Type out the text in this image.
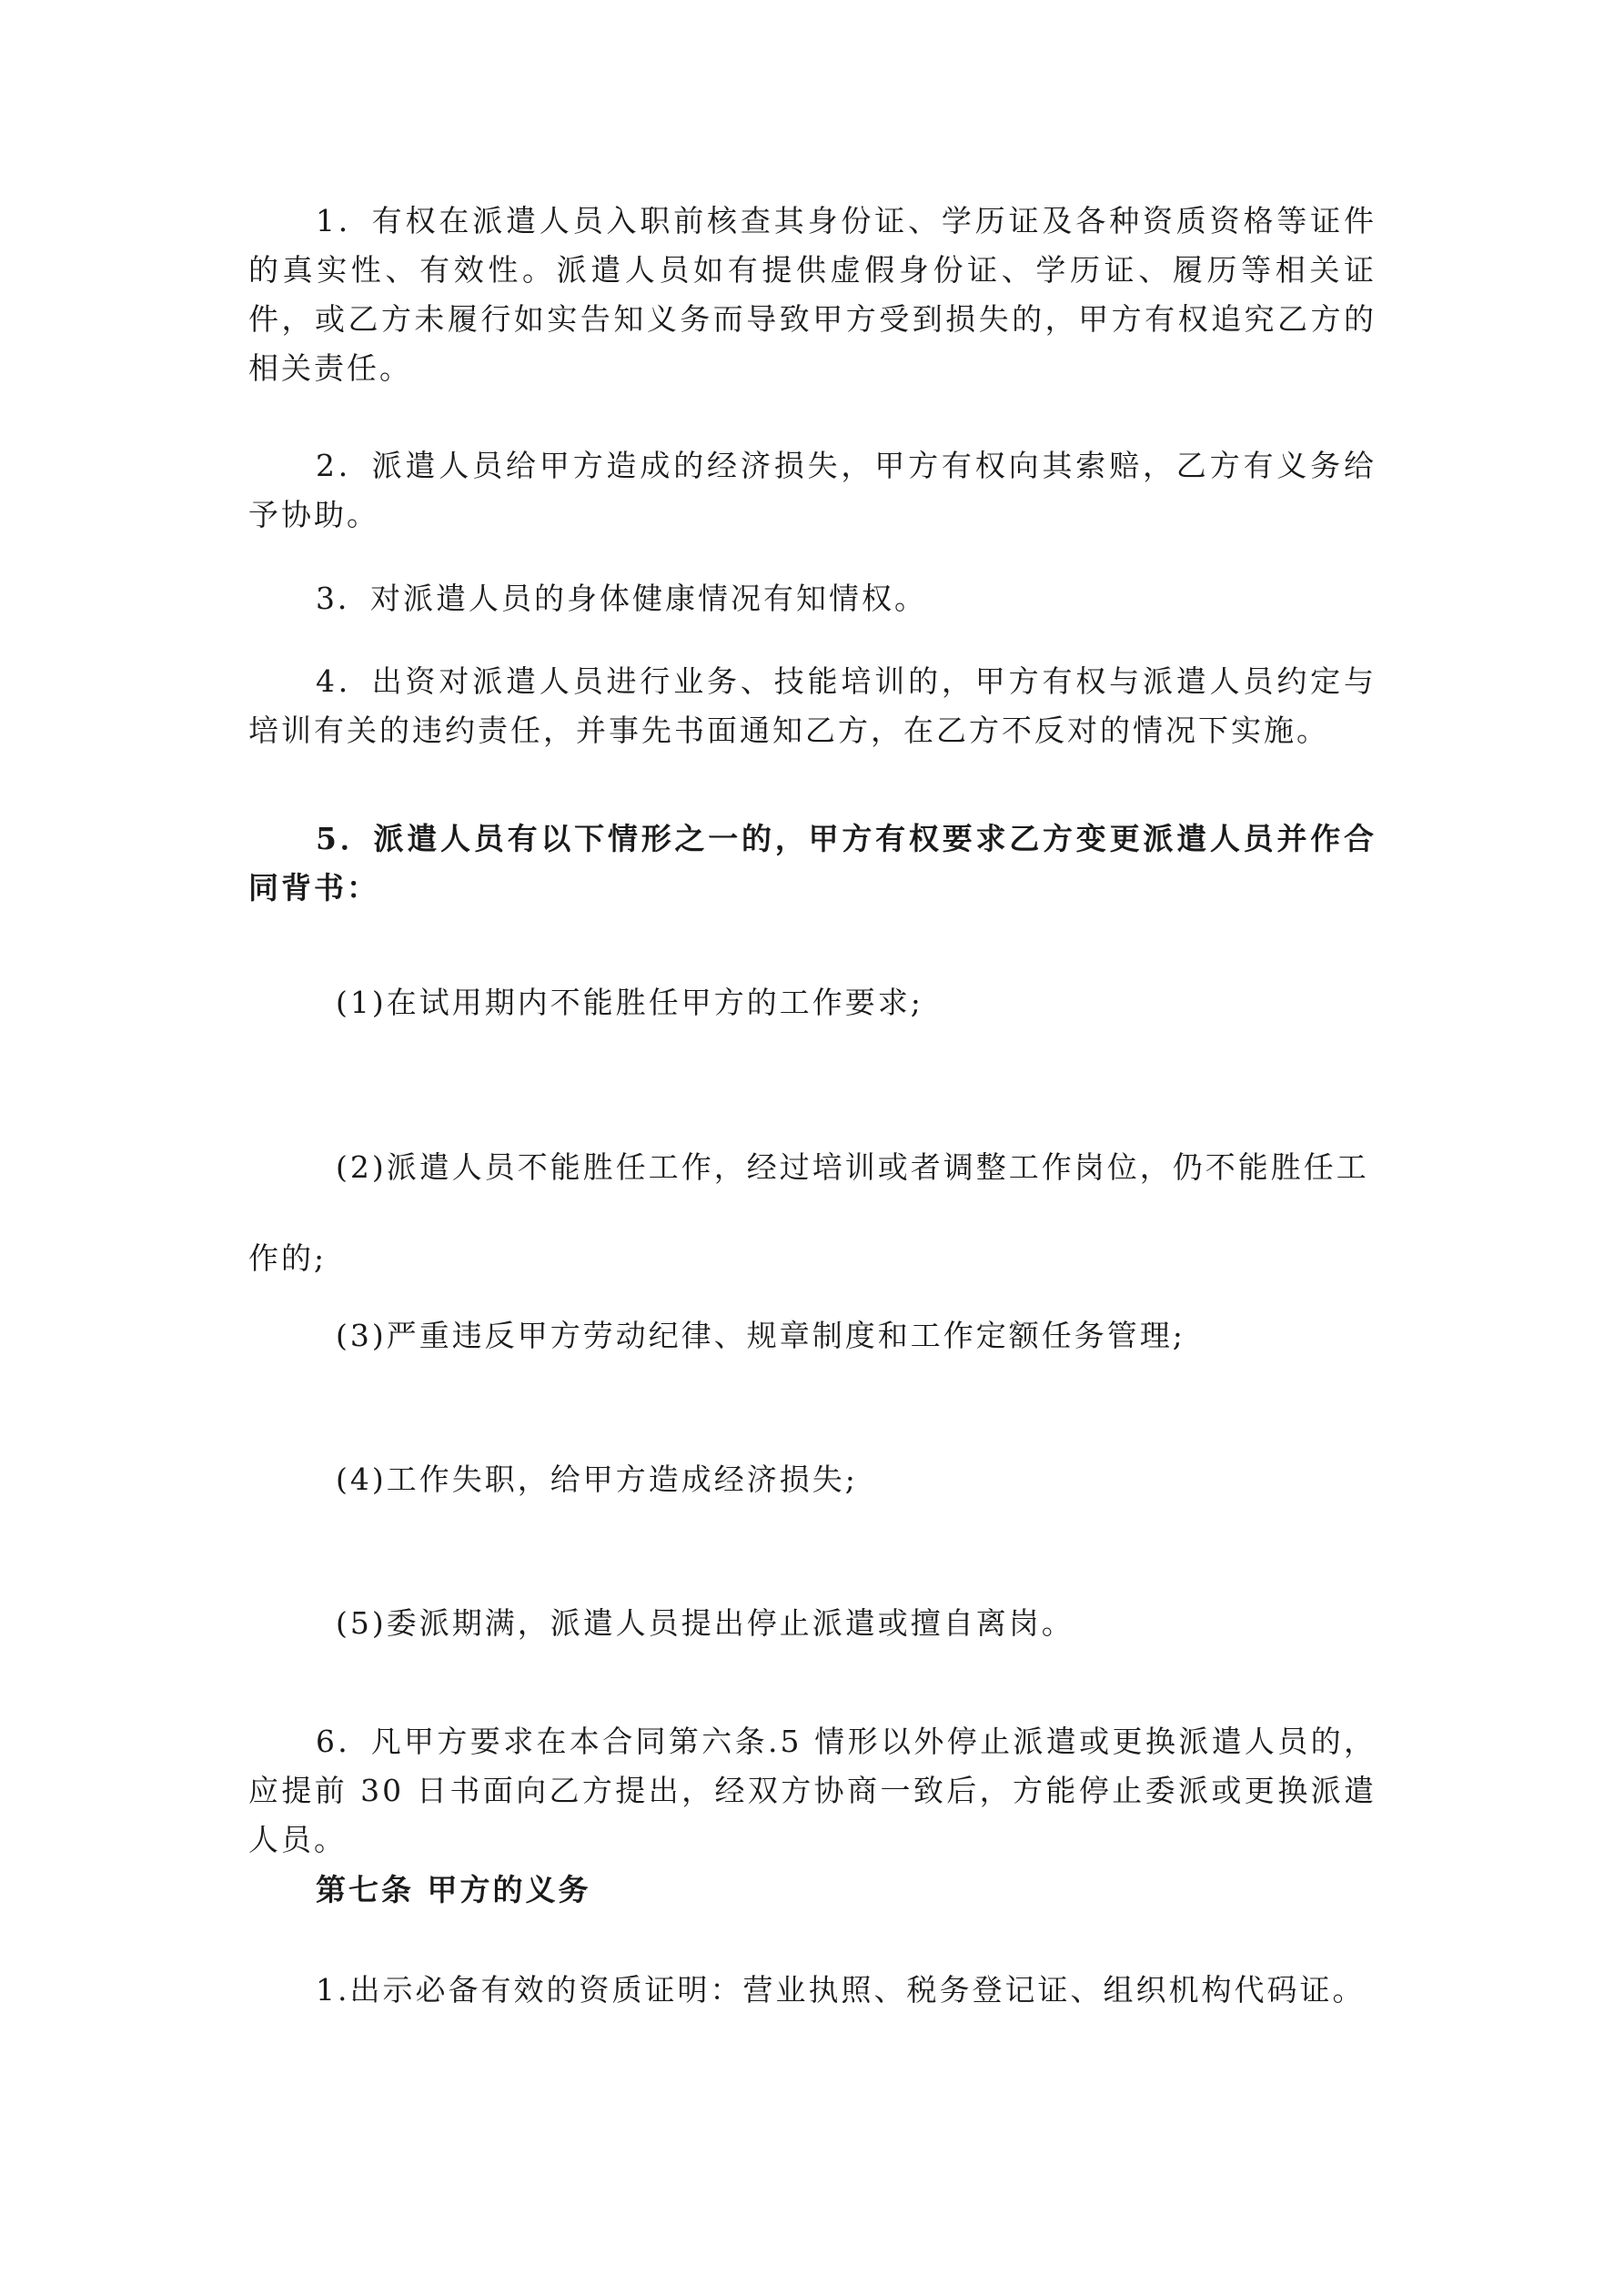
1．有权在派遣人员入职前核查其身份证、学历证及各种资质资格等证件的真实性、有效性。派遣人员如有提供虚假身份证、学历证、履历等相关证件，或乙方未履行如实告知义务而导致甲方受到损失的，甲方有权追究乙方的相关责任。

2．派遣人员给甲方造成的经济损失，甲方有权向其索赔，乙方有义务给予协助。

3．对派遣人员的身体健康情况有知情权。

4．出资对派遣人员进行业务、技能培训的，甲方有权与派遣人员约定与培训有关的违约责任，并事先书面通知乙方，在乙方不反对的情况下实施。

5．派遣人员有以下情形之一的，甲方有权要求乙方变更派遣人员并作合同背书：

(1)在试用期内不能胜任甲方的工作要求;

(2)派遣人员不能胜任工作，经过培训或者调整工作岗位，仍不能胜任工作的;

(3)严重违反甲方劳动纪律、规章制度和工作定额任务管理;

(4)工作失职，给甲方造成经济损失;

(5)委派期满，派遣人员提出停止派遣或擅自离岗。

6．凡甲方要求在本合同第六条.5 情形以外停止派遣或更换派遣人员的，应提前 30 日书面向乙方提出，经双方协商一致后，方能停止委派或更换派遣人员。

第七条 甲方的义务

1.出示必备有效的资质证明：营业执照、税务登记证、组织机构代码证。
